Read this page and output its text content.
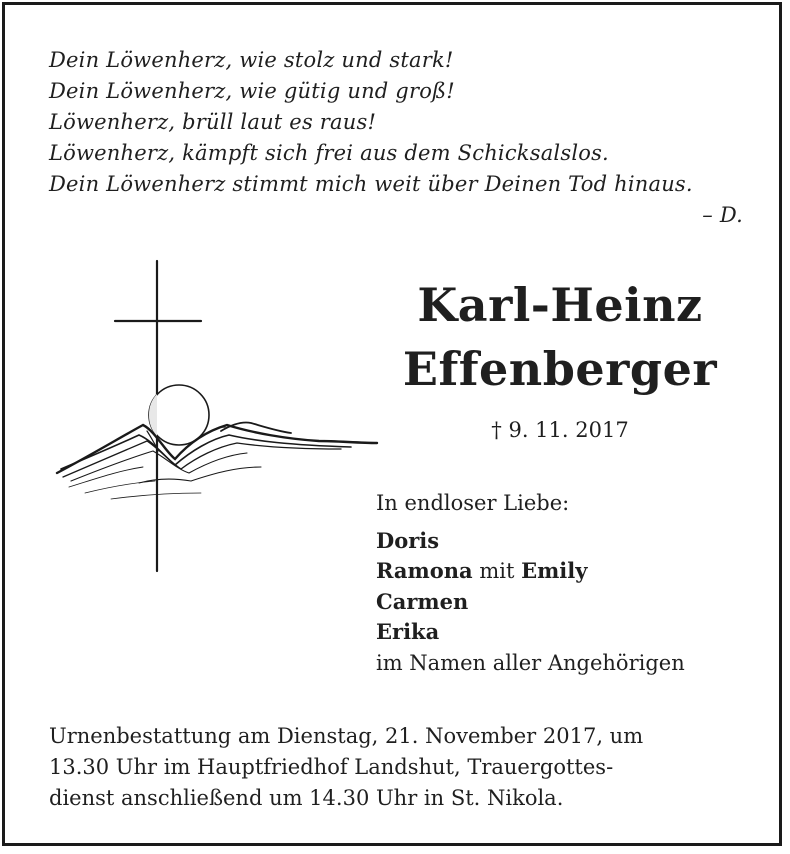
Dein Löwenherz, wie stolz und stark!
Dein Löwenherz, wie gütig und groß!
Löwenherz, brüll laut es raus!
Löwenherz, kämpft sich frei aus dem Schicksalslos.
Dein Löwenherz stimmt mich weit über Deinen Tod hinaus.
– D.
Karl-Heinz
Effenberger
† 9. 11. 2017
In endloser Liebe:
Doris
Ramona mit Emily
Carmen
Erika
im Namen aller Angehörigen
Urnenbestattung am Dienstag, 21. November 2017, um
13.30 Uhr im Hauptfriedhof Landshut, Trauergottes-
dienst anschließend um 14.30 Uhr in St. Nikola.
